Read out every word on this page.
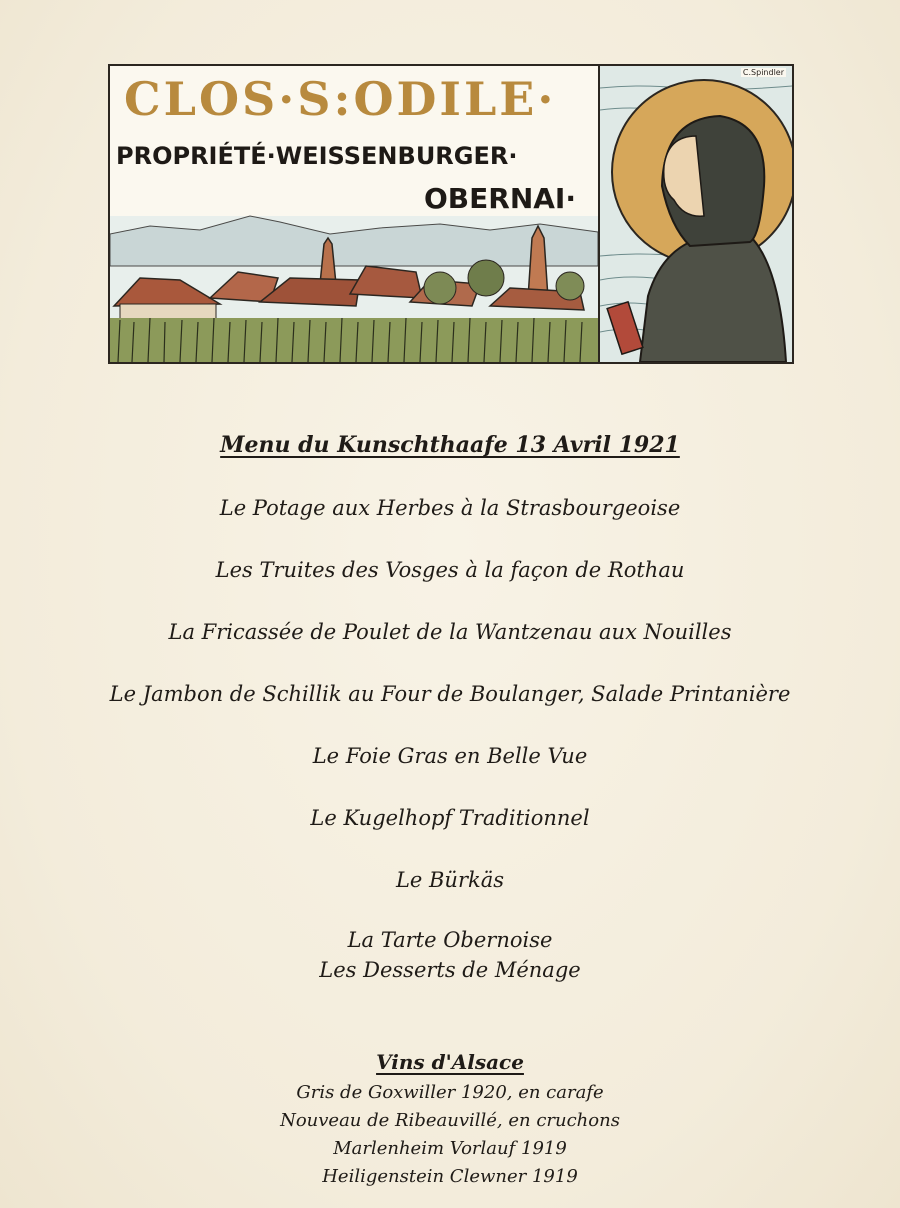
CLOS·S:ODILE·
PROPRIÉTÉ·WEISSENBURGER·
OBERNAI·
C.Spindler
Menu du Kunschthaafe 13 Avril 1921
Le Potage aux Herbes à la Strasbourgeoise
Les Truites des Vosges à la façon de Rothau
La Fricassée de Poulet de la Wantzenau aux Nouilles
Le Jambon de Schillik au Four de Boulanger, Salade Printanière
Le Foie Gras en Belle Vue
Le Kugelhopf Traditionnel
Le Bürkäs
La Tarte Obernoise
Les Desserts de Ménage
Vins d'Alsace
Gris de Goxwiller 1920, en carafe
Nouveau de Ribeauvillé, en cruchons
Marlenheim Vorlauf 1919
Heiligenstein Clewner 1919
